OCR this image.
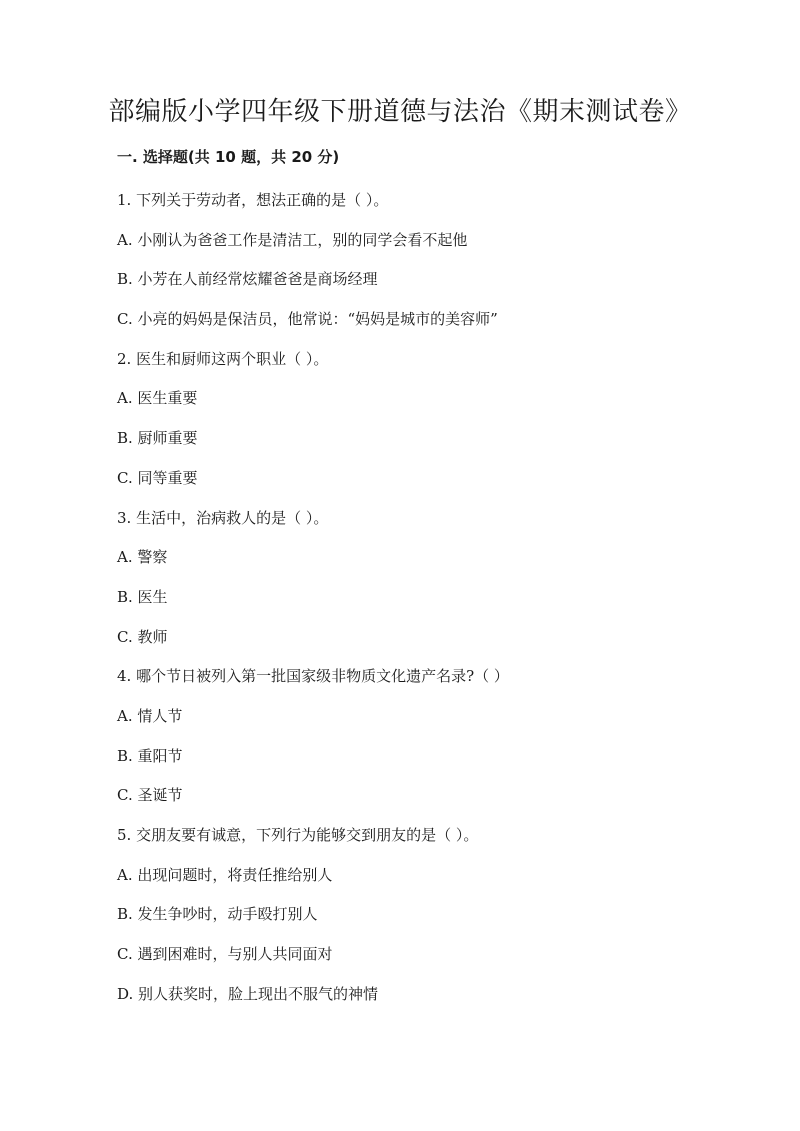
部编版小学四年级下册道德与法治《期末测试卷》
一. 选择题(共 10 题，共 20 分)
1. 下列关于劳动者，想法正确的是（ ）。
A. 小刚认为爸爸工作是清洁工，别的同学会看不起他
B. 小芳在人前经常炫耀爸爸是商场经理
C. 小亮的妈妈是保洁员，他常说：“妈妈是城市的美容师”
2. 医生和厨师这两个职业（ ）。
A. 医生重要
B. 厨师重要
C. 同等重要
3. 生活中，治病救人的是（ ）。
A. 警察
B. 医生
C. 教师
4. 哪个节日被列入第一批国家级非物质文化遗产名录?（ ）
A. 情人节
B. 重阳节
C. 圣诞节
5. 交朋友要有诚意，下列行为能够交到朋友的是（ ）。
A. 出现问题时，将责任推给别人
B. 发生争吵时，动手殴打别人
C. 遇到困难时，与别人共同面对
D. 别人获奖时，脸上现出不服气的神情
